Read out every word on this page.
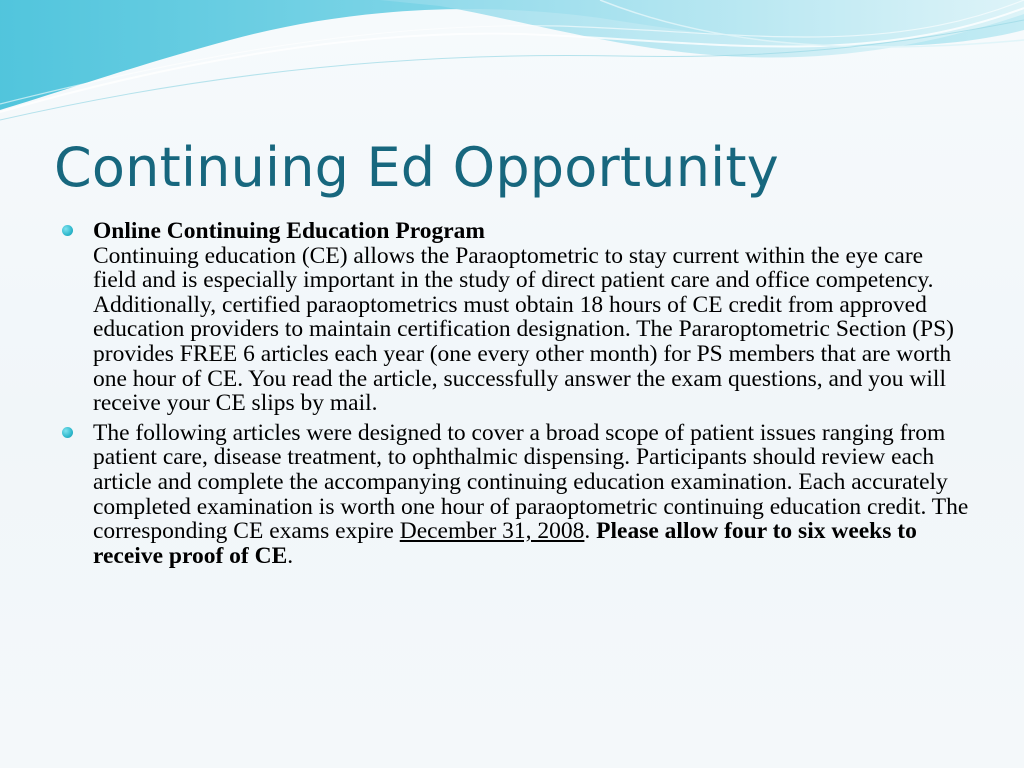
Continuing Ed Opportunity
Online Continuing Education Program
Continuing education (CE) allows the Paraoptometric to stay current within the eye care field and is especially important in the study of direct patient care and office competency. Additionally, certified paraoptometrics must obtain 18 hours of CE credit from approved education providers to maintain certification designation. The Pararoptometric Section (PS) provides FREE 6 articles each year (one every other month) for PS members that are worth one hour of CE. You read the article, successfully answer the exam questions, and you will receive your CE slips by mail.
The following articles were designed to cover a broad scope of patient issues ranging from patient care, disease treatment, to ophthalmic dispensing. Participants should review each article and complete the accompanying continuing education examination. Each accurately completed examination is worth one hour of paraoptometric continuing education credit. The corresponding CE exams expire December 31, 2008. Please allow four to six weeks to receive proof of CE.
